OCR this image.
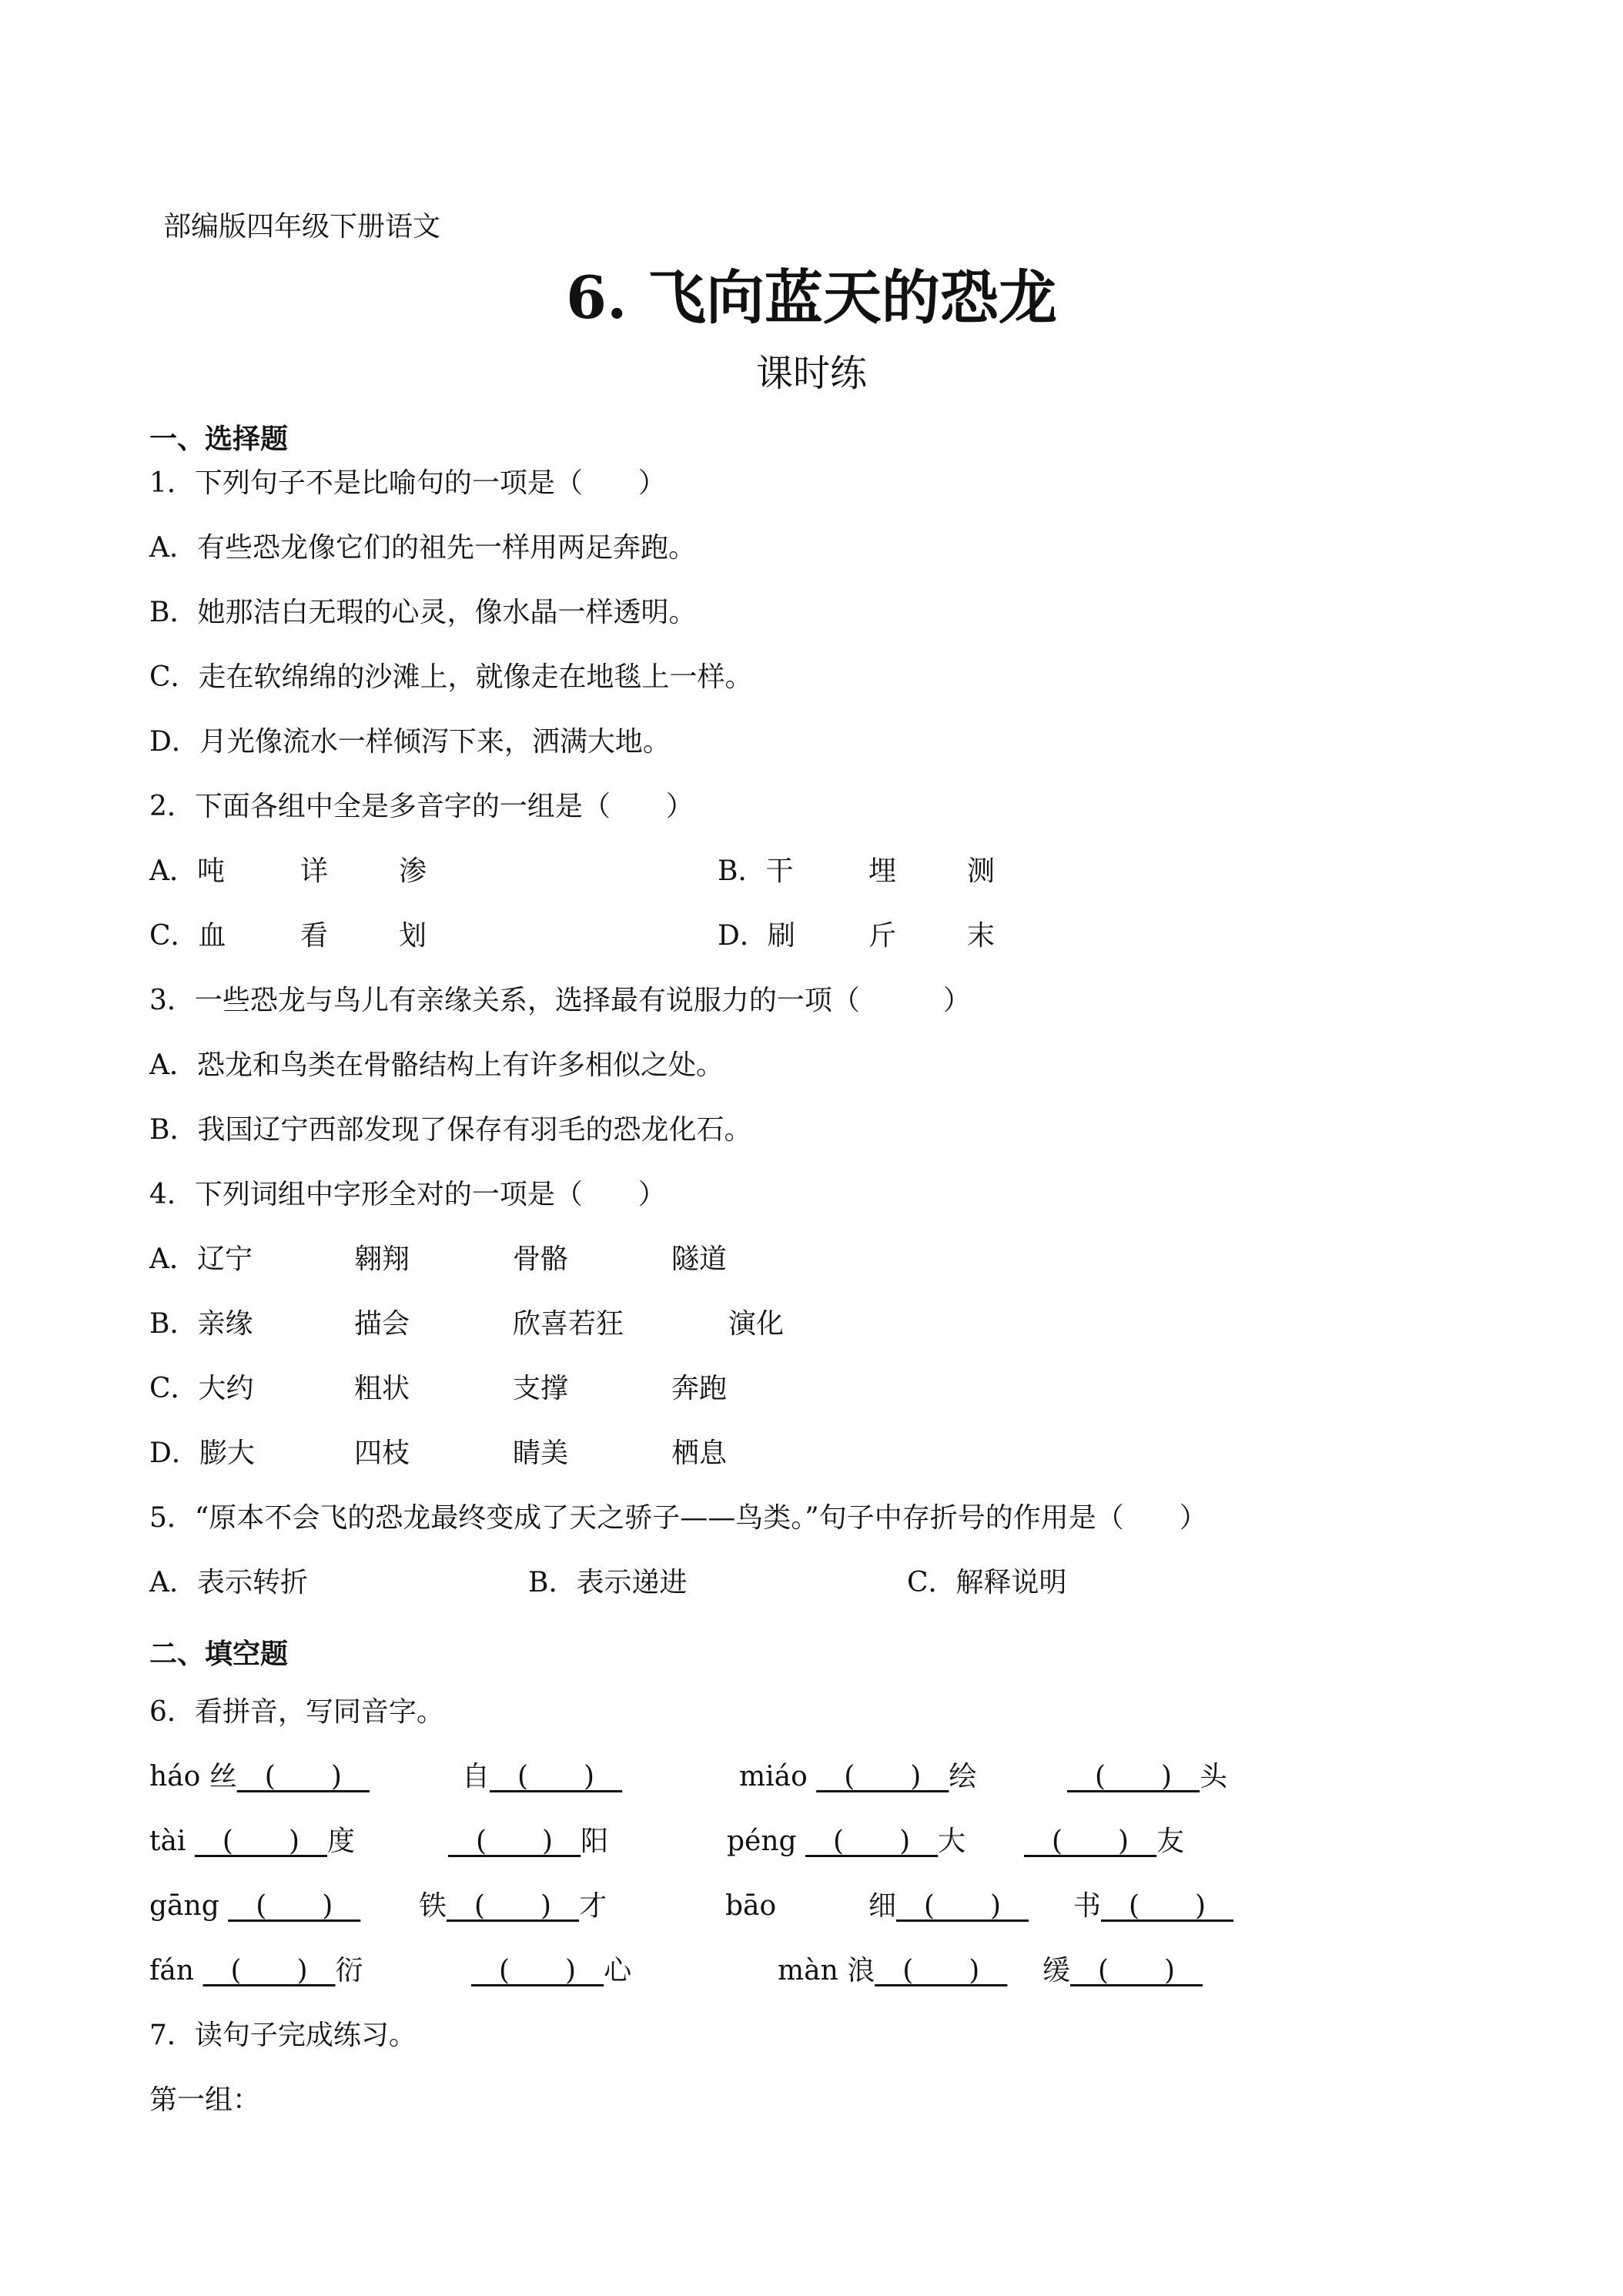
部编版四年级下册语文
6. 飞向蓝天的恐龙
课时练
一、选择题
1．下列句子不是比喻句的一项是（　　）
A．有些恐龙像它们的祖先一样用两足奔跑。
B．她那洁白无瑕的心灵，像水晶一样透明。
C．走在软绵绵的沙滩上，就像走在地毯上一样。
D．月光像流水一样倾泻下来，洒满大地。
2．下面各组中全是多音字的一组是（　　）
A．吨	详	渗	B．干	埋	测
C．血	看	划	D．刷	斤	末
3．一些恐龙与鸟儿有亲缘关系，选择最有说服力的一项（　　　）
A．恐龙和鸟类在骨骼结构上有许多相似之处。
B．我国辽宁西部发现了保存有羽毛的恐龙化石。
4．下列词组中字形全对的一项是（　　）
A．辽宁	翱翔	骨骼	隧道
B．亲缘	描会	欣喜若狂	演化
C．大约	粗状	支撑	奔跑
D．膨大	四枝	睛美	栖息
5．“原本不会飞的恐龙最终变成了天之骄子——鸟类。”句子中存折号的作用是（　　）
A．表示转折	B．表示递进	C．解释说明
二、填空题
6．看拼音，写同音字。
háo 丝__(　　)__	自__(　　)__	miáo __(　　)__绘	__(　　)__头
tài __(　　)__度	__(　　)__阳	péng __(　　)__大 __(　　)__友
gāng __(　　)__ 铁__(　　)__才	bāo	细__(　　)__ 书__(　　)__
fán __(　　)__衍	__(　　)__心	màn 浪__(　　)__ 缓__(　　)__
7．读句子完成练习。
第一组：
